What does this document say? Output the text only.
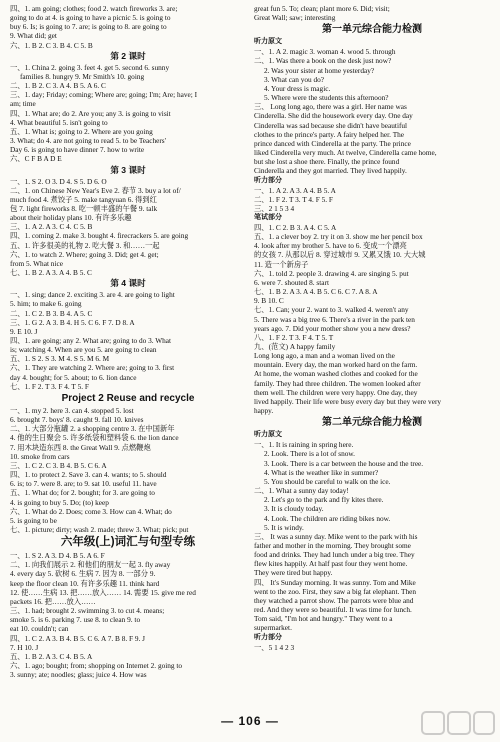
四、1. am going; clothes; food 2. watch fireworks 3. are;
going to do at 4. is going to have a picnic 5. is going to
buy 6. Is; is going to 7. are; is going to 8. are going to
9. What did; get
六、1. B 2. C 3. B 4. C 5. B
第 2 课时
一、1. China 2. going 3. feet 4. get 5. second 6. sunny
families 8. hungry 9. Mr Smith's 10. going
二、1. B 2. C 3. A 4. B 5. A 6. C
三、1. day; Friday; coming; Where are; going; I'm; Are; have; I
am; time
四、1. What are; do 2. Are you; any 3. is going to visit
4. What beautiful 5. isn't going to
五、1. What is; going to 2. Where are you going
3. What; do 4. are not going to read 5. to be Teachers'
Day 6. is going to have dinner 7. how to write
六、C F B A D E
第 3 课时
一、1. S 2. O 3. D 4. S 5. D 6. O
二、1. on Chinese New Year's Eve 2. 春节 3. buy a lot of/
much food 4. 煮饺子 5. make tangyuan 6. 得到红
包 7. light fireworks 8. 吃一顿丰盛的午餐 9. talk
about their holiday plans 10. 有许多乐趣
三、1. A 2. A 3. C 4. C 5. B
四、1. coming 2. make 3. bought 4. firecrackers 5. are going
五、1. 许多很美的礼物 2. 吃大餐 3. 和……一起
六、1. to watch 2. Where; going 3. Did; get 4. get;
from 5. What nice
七、1. B 2. A 3. A 4. B 5. C
第 4 课时
一、1. sing; dance 2. exciting 3. are 4. are going to light
5. him; to make 6. going
二、1. C 2. B 3. B 4. A 5. C
三、1. G 2. A 3. B 4. H 5. C 6. F 7. D 8. A
9. E 10. J
四、1. are going; any 2. What are; going to do 3. What
is; watching 4. When are you 5. are going to clean
五、1. S 2. S 3. M 4. S 5. M 6. M
六、1. They are watching 2. Where are; going to 3. first
day 4. bought; for 5. about; to 6. lion dance
七、1. F 2. T 3. F 4. T 5. F
Project 2 Reuse and recycle
一、1. my 2. here 3. can 4. stopped 5. lost
6. brought 7. boys' 8. caught 9. fall 10. knives
二、1. 大部分瓶罐 2. a shopping centre 3. 在中国新年
4. 他的生日聚会 5. 许多纸袋和塑料袋 6. the lion dance
7. 用木块造东西 8. the Great Wall 9. 点燃鞭炮
10. smoke from cars
三、1. C 2. C 3. B 4. B 5. C 6. A
四、1. to protect 2. Save 3. can 4. wants; to 5. should
6. is; to 7. were 8. are; to 9. sat 10. useful 11. have
五、1. What do; for 2. bought; for 3. are going to
4. is going to buy 5. Do; (to) keep
六、1. What do 2. Does; come 3. How can 4. What; do
5. is going to be
七、1. picture; dirty; wash 2. made; threw 3. What; pick; put
六年级(上)词汇与句型专练
一、1. S 2. A 3. D 4. B 5. A 6. F
二、1. 向我们展示 2. 和他们的朋友一起 3. fly away
4. every day 5. 砍树 6. 生病 7. 因为 8. 一部分 9.
keep the floor clean 10. 有许多乐趣 11. think hard
12. 使……生病 13. 把……放入…… 14. 需要 15. give me red
packets 16. 把……放入……
三、1. had; brought 2. swimming 3. to cut 4. means;
smoke 5. is 6. parking 7. use 8. to clean 9. to
eat 10. couldn't; can
四、1. C 2. A 3. B 4. B 5. C 6. A 7. B 8. F 9. J
7. H 10. J
五、1. B 2. A 3. C 4. B 5. A
六、1. ago; bought; from; shopping on Internet 2. going to
3. sunny; ate; noodles; glass; juice 4. How was
great fun 5. To; clean; plant more 6. Did; visit;
Great Wall; saw; interesting
第一单元综合能力检测
听力原文
一、1. A 2. magic 3. woman 4. wood 5. through
二、1. Was there a book on the desk just now?
2. Was your sister at home yesterday?
3. What can you do?
4. Your dress is magic.
5. Where were the students this afternoon?
三、 Long long ago, there was a girl. Her name was
Cinderella. She did the housework every day. One day
Cinderella was sad because she didn't have beautiful
clothes to the prince's party. A fairy helped her. The
prince danced with Cinderella at the party. The prince
liked Cinderella very much. At twelve, Cinderella came home,
but she lost a shoe there. Finally, the prince found
Cinderella and they got married. They lived happily.
听力部分
一、1. A 2. A 3. A 4. B 5. A
二、1. F 2. T 3. T 4. F 5. F
三、2 1 5 3 4
笔试部分
四、1. C 2. B 3. A 4. C 5. A
五、1. a clever boy 2. try it on 3. show me her pencil box
4. look after my brother 5. have to 6. 变成一个漂亮
的女孩 7. 从那以后 8. 穿过城市 9. 又累又饿 10. 大大城
11. 造一个新房子
六、1. told 2. people 3. drawing 4. are singing 5. put
6. were 7. shouted 8. start
七、1. B 2. A 3. A 4. B 5. C 6. C 7. A 8. A
9. B 10. C
七、1. Can; your 2. want to 3. walked 4. weren't any
5. There was a big tree 6. There's a river in the park ten
years ago. 7. Did your mother show you a new dress?
八、1. F 2. T 3. F 4. T 5. T
九、(范文) A happy family
Long long ago, a man and a woman lived on the
mountain. Every day, the man worked hard on the farm.
At home, the woman washed clothes and cooked for the
family. They had three children. The women looked after
them well. The children were very happy. One day, they
lived happily. Their life were busy every day but they were very
happy.
第二单元综合能力检测
听力原文
一、1. It is raining in spring here.
2. Look. There is a lot of snow.
3. Look. There is a car between the house and the tree.
4. What is the weather like in summer?
5. You should be careful to walk on the ice.
二、1. What a sunny day today!
2. Let's go to the park and fly kites there.
3. It is cloudy today.
4. Look. The children are riding bikes now.
5. It is windy.
三、 It was a sunny day. Mike went to the park with his
father and mother in the morning. They brought some
food and drinks. They had lunch under a big tree. They
flew kites happily. At half past four they went home.
They were tired but happy.
四、 It's Sunday morning. It was sunny. Tom and Mike
went to the zoo. First, they saw a big fat elephant. Then
they watched a parrot show. The parrots were blue and
red. And they were so beautiful. It was time for lunch.
Tom said, "I'm hot and hungry." They went to a
supermarket.
听力部分
一、5 1 4 2 3
— 106 —
